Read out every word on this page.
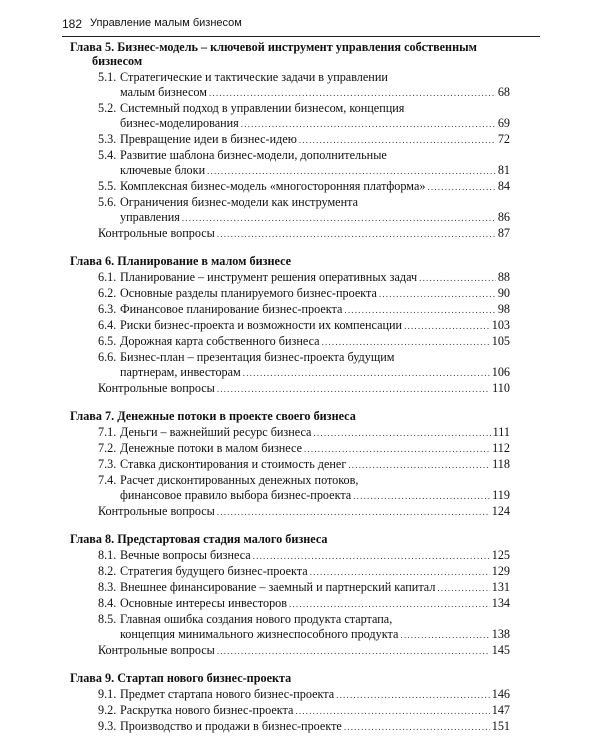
182 Управление малым бизнесом
Глава 5. Бизнес-модель – ключевой инструмент управления собственным бизнесом
5.1. Стратегические и тактические задачи в управлении
малым бизнесом .....	68
5.2. Системный подход в управлении бизнесом, концепция
бизнес-моделирования .....	69
5.3. Превращение идеи в бизнес-идею .....	72
5.4. Развитие шаблона бизнес-модели, дополнительные
ключевые блоки .....	81
5.5. Комплексная бизнес-модель «многосторонняя платформа» .....	84
5.6. Ограничения бизнес-модели как инструмента
управления .....	86
Контрольные вопросы .....	87
Глава 6. Планирование в малом бизнесе
6.1. Планирование – инструмент решения оперативных задач .....	88
6.2. Основные разделы планируемого бизнес-проекта .....	90
6.3. Финансовое планирование бизнес-проекта .....	98
6.4. Риски бизнес-проекта и возможности их компенсации .....	103
6.5. Дорожная карта собственного бизнеса .....	105
6.6. Бизнес-план – презентация бизнес-проекта будущим
партнерам, инвесторам .....	106
Контрольные вопросы .....	110
Глава 7. Денежные потоки в проекте своего бизнеса
7.1. Деньги – важнейший ресурс бизнеса .....	111
7.2. Денежные потоки в малом бизнесе .....	112
7.3. Ставка дисконтирования и стоимость денег .....	118
7.4. Расчет дисконтированных денежных потоков,
финансовое правило выбора бизнес-проекта .....	119
Контрольные вопросы .....	124
Глава 8. Предстартовая стадия малого бизнеса
8.1. Вечные вопросы бизнеса .....	125
8.2. Стратегия будущего бизнес-проекта .....	129
8.3. Внешнее финансирование – заемный и партнерский капитал .....	131
8.4. Основные интересы инвесторов .....	134
8.5. Главная ошибка создания нового продукта стартапа,
концепция минимального жизнеспособного продукта .....	138
Контрольные вопросы .....	145
Глава 9. Стартап нового бизнес-проекта
9.1. Предмет стартапа нового бизнес-проекта .....	146
9.2. Раскрутка нового бизнес-проекта .....	147
9.3. Производство и продажи в бизнес-проекте .....	151
